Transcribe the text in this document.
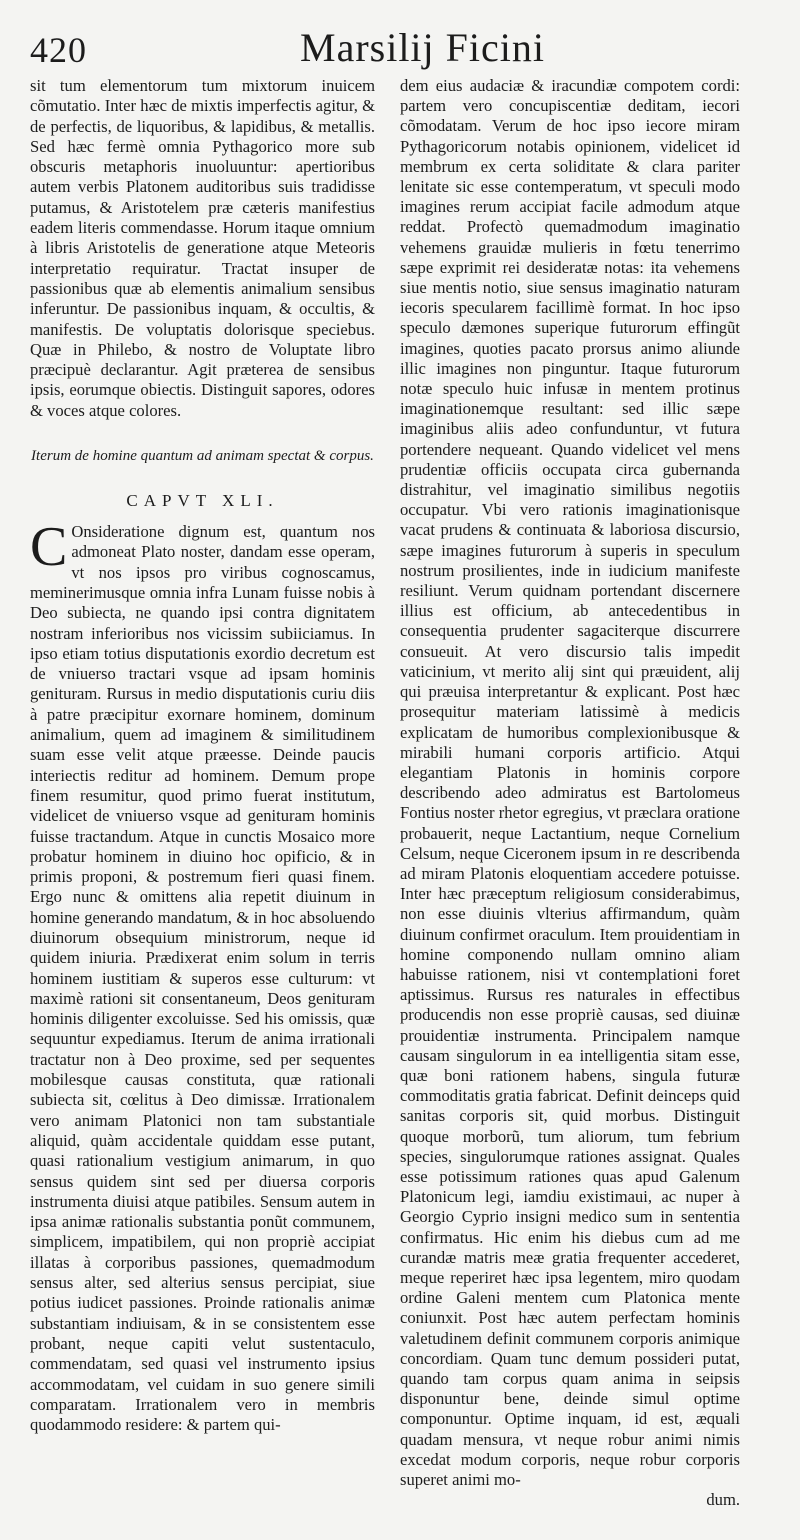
420	Marsilij Ficini

sit tum elementorum tum mixtorum inuicem cõmutatio. Inter hæc de mixtis imperfectis agitur, & de perfectis, de liquoribus, & lapidibus, & metallis. Sed hæc fermè omnia Pythagorico more sub obscuris metaphoris inuoluuntur: apertioribus autem verbis Platonem auditoribus suis tradidisse putamus, & Aristotelem præ cæteris manifestius eadem literis commendasse. Horum itaque omnium à libris Aristotelis de generatione atque Meteoris interpretatio requiratur. Tractat insuper de passionibus quæ ab elementis animalium sensibus inferuntur. De passionibus inquam, & occultis, & manifestis. De voluptatis dolorisque speciebus. Quæ in Philebo, & nostro de Voluptate libro præcipuè declarantur. Agit præterea de sensibus ipsis, eorumque obiectis. Distinguit sapores, odores & voces atque colores.

Iterum de homine quantum ad animam spectat & corpus.
CAPVT XLI.

C Onsideratione dignum est, quantum nos admoneat Plato noster, dandam esse operam, vt nos ipsos pro viribus cognoscamus, meminerimusque omnia infra Lunam fuisse nobis à Deo subiecta, ne quando ipsi contra dignitatem nostram inferioribus nos vicissim subiiciamus. In ipso etiam totius disputationis exordio decretum est de vniuerso tractari vsque ad ipsam hominis genituram. Rursus in medio disputationis curiu diis à patre præcipitur exornare hominem, dominum animalium, quem ad imaginem & similitudinem suam esse velit atque præesse. Deinde paucis interiectis reditur ad hominem. Demum prope finem resumitur, quod primo fuerat institutum, videlicet de vniuerso vsque ad genituram hominis fuisse tractandum. Atque in cunctis Mosaico more probatur hominem in diuino hoc opificio, & in primis proponi, & postremum fieri quasi finem. Ergo nunc & omittens alia repetit diuinum in homine generando mandatum, & in hoc absoluendo diuinorum obsequium ministrorum, neque id quidem iniuria. Prædixerat enim solum in terris hominem iustitiam & superos esse culturum: vt maximè rationi sit consentaneum, Deos genituram hominis diligenter excoluisse. Sed his omissis, quæ sequuntur expediamus. Iterum de anima irrationali tractatur non à Deo proxime, sed per sequentes mobilesque causas constituta, quæ rationali subiecta sit, cœlitus à Deo dimissæ. Irrationalem vero animam Platonici non tam substantiale aliquid, quàm accidentale quiddam esse putant, quasi rationalium vestigium animarum, in quo sensus quidem sint sed per diuersa corporis instrumenta diuisi atque patibiles. Sensum autem in ipsa animæ rationalis substantia ponũt communem, simplicem, impatibilem, qui non propriè accipiat illatas à corporibus passiones, quemadmodum sensus alter, sed alterius sensus percipiat, siue potius iudicet passiones. Proinde rationalis animæ substantiam indiuisam, & in se consistentem esse probant, neque capiti velut sustentaculo, commendatam, sed quasi vel instrumento ipsius accommodatam, vel cuidam in suo genere simili comparatam. Irrationalem vero in membris quodammodo residere: & partem qui-

dem eius audaciæ & iracundiæ compotem cordi: partem vero concupiscentiæ deditam, iecori cõmodatam. Verum de hoc ipso iecore miram Pythagoricorum notabis opinionem, videlicet id membrum ex certa soliditate & clara pariter lenitate sic esse contemperatum, vt speculi modo imagines rerum accipiat facile admodum atque reddat. Profectò quemadmodum imaginatio vehemens grauidæ mulieris in fœtu tenerrimo sæpe exprimit rei desideratæ notas: ita vehemens siue mentis notio, siue sensus imaginatio naturam iecoris specularem facillimè format. In hoc ipso speculo dæmones superique futurorum effingũt imagines, quoties pacato prorsus animo aliunde illic imagines non pinguntur. Itaque futurorum notæ speculo huic infusæ in mentem protinus imaginationemque resultant: sed illic sæpe imaginibus aliis adeo confunduntur, vt futura portendere nequeant. Quando videlicet vel mens prudentiæ officiis occupata circa gubernanda distrahitur, vel imaginatio similibus negotiis occupatur. Vbi vero rationis imaginationisque vacat prudens & continuata & laboriosa discursio, sæpe imagines futurorum à superis in speculum nostrum prosilientes, inde in iudicium manifeste resiliunt. Verum quidnam portendant discernere illius est officium, ab antecedentibus in consequentia prudenter sagaciterque discurrere consueuit. At vero discursio talis impedit vaticinium, vt merito alij sint qui præuident, alij qui præuisa interpretantur & explicant. Post hæc prosequitur materiam latissimè à medicis explicatam de humoribus complexionibusque & mirabili humani corporis artificio. Atqui elegantiam Platonis in hominis corpore describendo adeo admiratus est Bartolomeus Fontius noster rhetor egregius, vt præclara oratione probauerit, neque Lactantium, neque Cornelium Celsum, neque Ciceronem ipsum in re describenda ad miram Platonis eloquentiam accedere potuisse. Inter hæc præceptum religiosum considerabimus, non esse diuinis vlterius affirmandum, quàm diuinum confirmet oraculum. Item prouidentiam in homine componendo nullam omnino aliam habuisse rationem, nisi vt contemplationi foret aptissimus. Rursus res naturales in effectibus producendis non esse propriè causas, sed diuinæ prouidentiæ instrumenta. Principalem namque causam singulorum in ea intelligentia sitam esse, quæ boni rationem habens, singula futuræ commoditatis gratia fabricat. Definit deinceps quid sanitas corporis sit, quid morbus. Distinguit quoque morborũ, tum aliorum, tum febrium species, singulorumque rationes assignat. Quales esse potissimum rationes quas apud Galenum Platonicum legi, iamdiu existimaui, ac nuper à Georgio Cyprio insigni medico sum in sententia confirmatus. Hic enim his diebus cum ad me curandæ matris meæ gratia frequenter accederet, meque reperiret hæc ipsa legentem, miro quodam ordine Galeni mentem cum Platonica mente coniunxit. Post hæc autem perfectam hominis valetudinem definit communem corporis animique concordiam. Quam tunc demum possideri putat, quando tam corpus quam anima in seipsis disponuntur bene, deinde simul optime componuntur. Optime inquam, id est, æquali quadam mensura, vt neque robur animi nimis excedat modum corporis, neque robur corporis superet animi mo-

dum.
